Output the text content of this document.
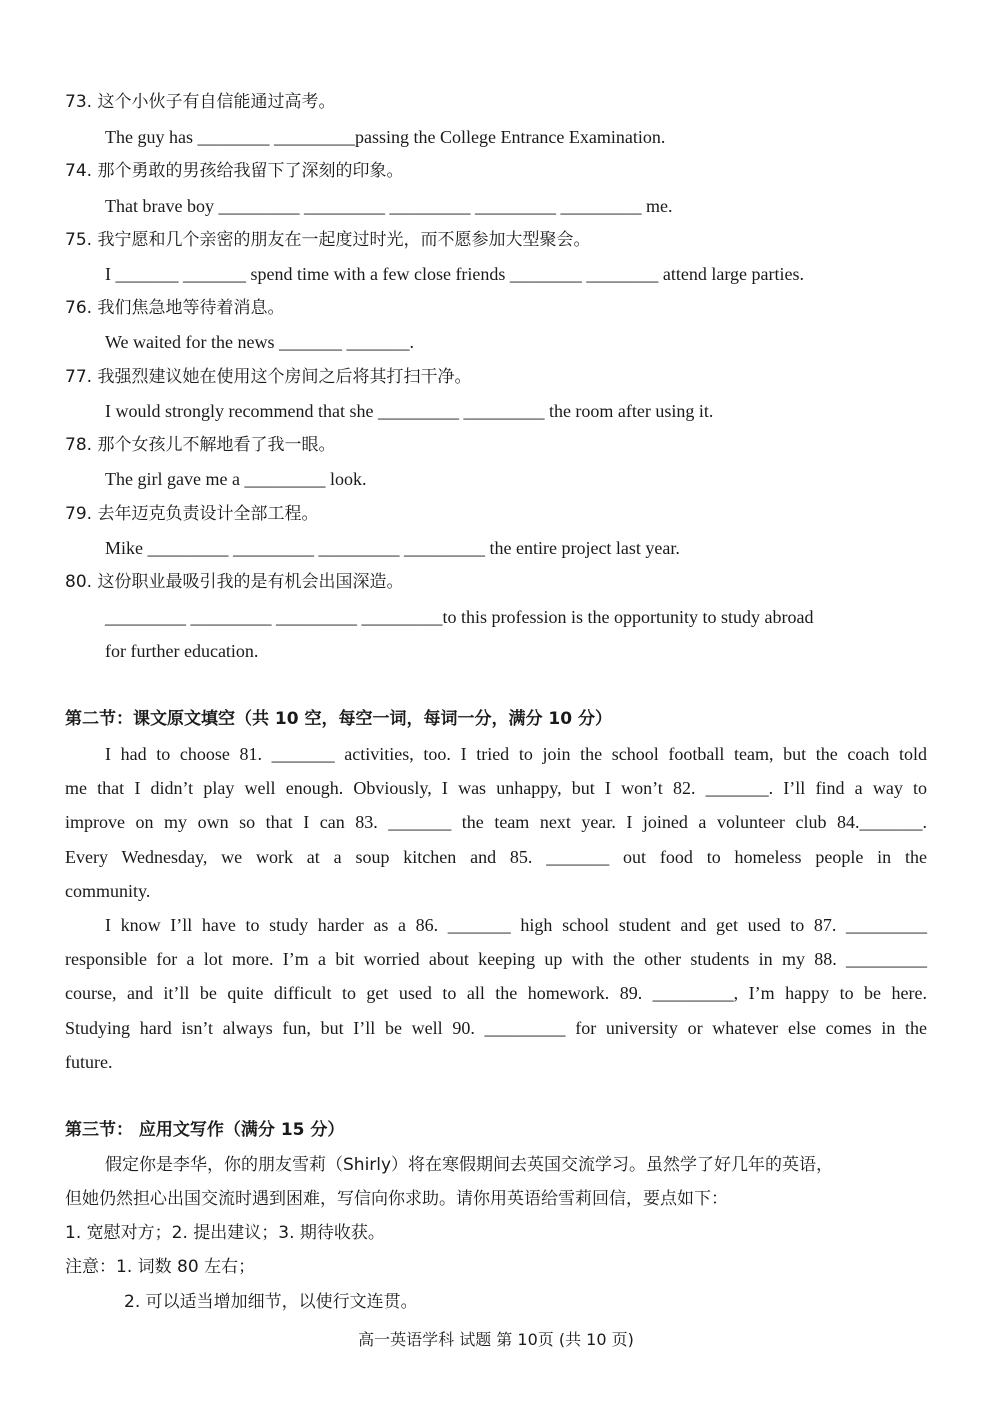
73. 这个小伙子有自信能通过高考。
The guy has ________ _________passing the College Entrance Examination.
74. 那个勇敢的男孩给我留下了深刻的印象。
That brave boy _________ _________ _________ _________ _________ me.
75. 我宁愿和几个亲密的朋友在一起度过时光，而不愿参加大型聚会。
I _______ _______ spend time with a few close friends ________ ________ attend large parties.
76. 我们焦急地等待着消息。
We waited for the news _______ _______.
77. 我强烈建议她在使用这个房间之后将其打扫干净。
I would strongly recommend that she _________ _________ the room after using it.
78. 那个女孩儿不解地看了我一眼。
The girl gave me a _________ look.
79. 去年迈克负责设计全部工程。
Mike _________ _________ _________ _________ the entire project last year.
80. 这份职业最吸引我的是有机会出国深造。
_________ _________ _________ _________to this profession is the opportunity to study abroad
for further education.
第二节：课文原文填空（共 10 空，每空一词，每词一分，满分 10 分）
I had to choose 81. _______ activities, too. I tried to join the school football team, but the coach told
me that I didn’t play well enough. Obviously, I was unhappy, but I won’t 82. _______. I’ll find a way to
improve on my own so that I can 83. _______ the team next year. I joined a volunteer club 84._______.
Every Wednesday, we work at a soup kitchen and 85. _______ out food to homeless people in the
community.
I know I’ll have to study harder as a 86. _______ high school student and get used to 87. _________
responsible for a lot more. I’m a bit worried about keeping up with the other students in my 88. _________
course, and it’ll be quite difficult to get used to all the homework. 89. _________, I’m happy to be here.
Studying hard isn’t always fun, but I’ll be well 90. _________ for university or whatever else comes in the
future.
第三节： 应用文写作（满分 15 分）
假定你是李华，你的朋友雪莉（Shirly）将在寒假期间去英国交流学习。虽然学了好几年的英语，
但她仍然担心出国交流时遇到困难，写信向你求助。请你用英语给雪莉回信，要点如下：
1. 宽慰对方；2. 提出建议；3. 期待收获。
注意：1. 词数 80 左右；
2. 可以适当增加细节，以使行文连贯。
高一英语学科 试题 第 10页 (共 10 页)
